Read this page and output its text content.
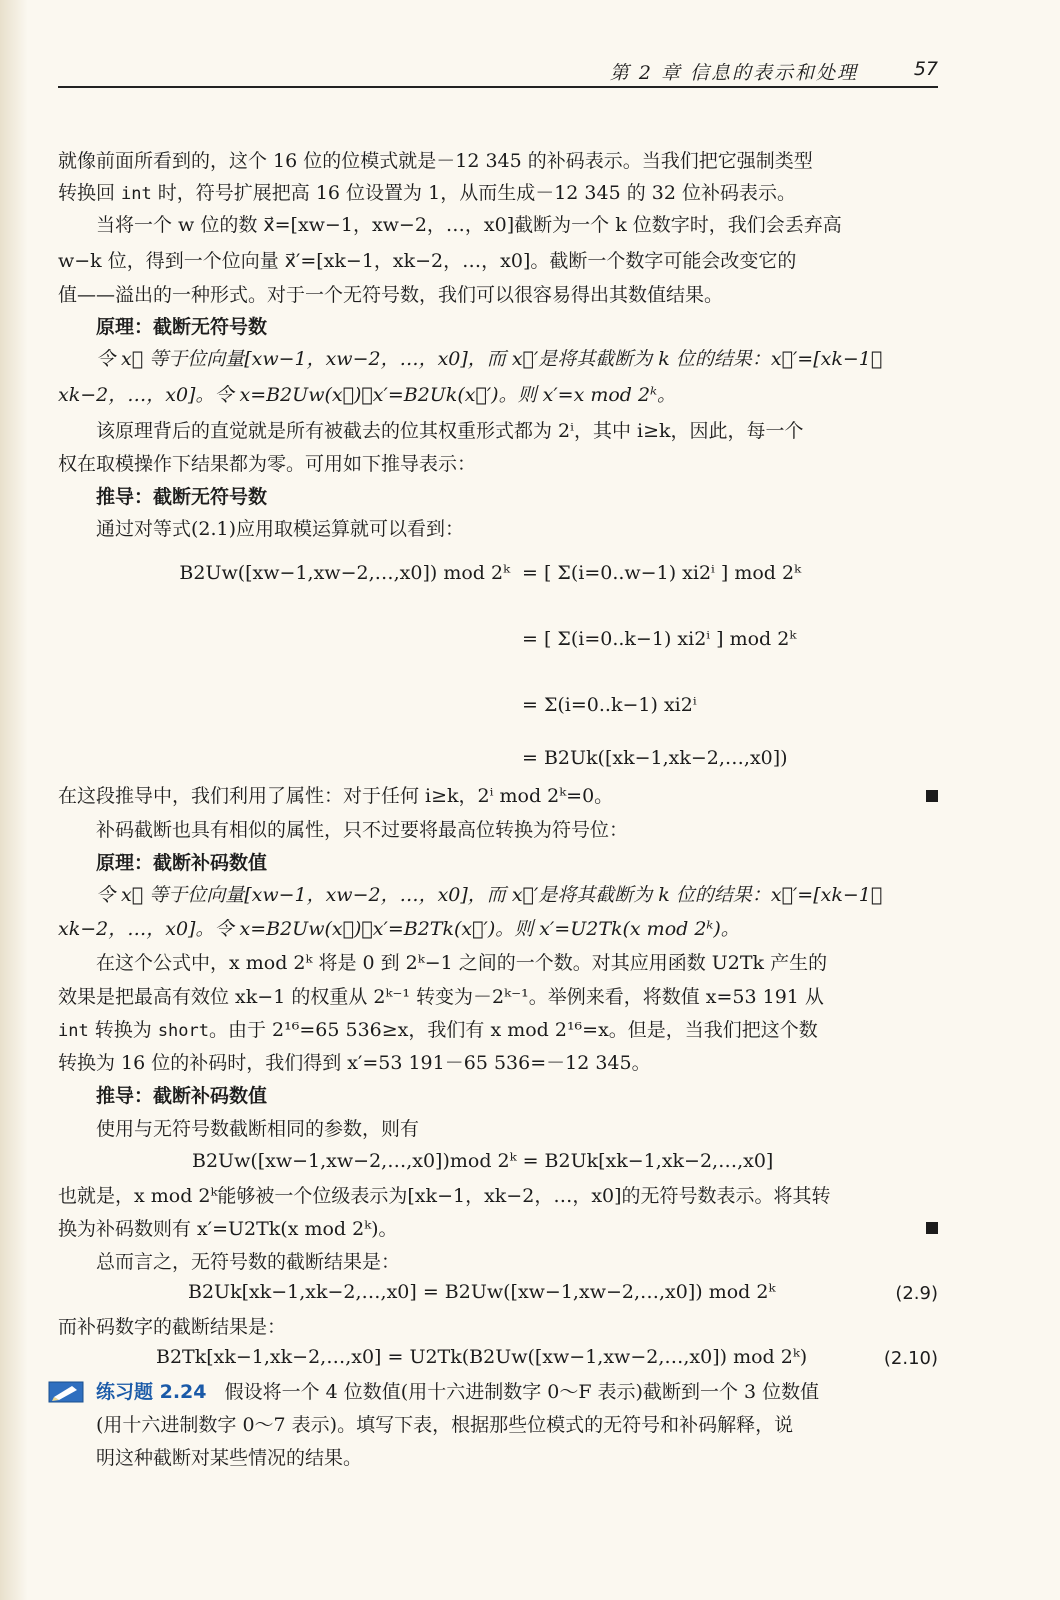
第 2 章 信息的表示和处理	57
就像前面所看到的，这个 16 位的位模式就是－12 345 的补码表示。当我们把它强制类型
转换回 int 时，符号扩展把高 16 位设置为 1，从而生成－12 345 的 32 位补码表示。
当将一个 w 位的数 x⃗=[xw−1，xw−2，…，x0]截断为一个 k 位数字时，我们会丢弃高
w−k 位，得到一个位向量 x⃗′=[xk−1，xk−2，…，x0]。截断一个数字可能会改变它的
值——溢出的一种形式。对于一个无符号数，我们可以很容易得出其数值结果。
原理：截断无符号数
令 x⃗ 等于位向量[xw−1，xw−2，…，x0]，而 x⃗′是将其截断为 k 位的结果：x⃗′=[xk−1，
xk−2，…，x0]。令 x=B2Uw(x⃗)，x′=B2Uk(x⃗′)。则 x′=x mod 2ᵏ。
该原理背后的直觉就是所有被截去的位其权重形式都为 2ⁱ，其中 i≥k，因此，每一个
权在取模操作下结果都为零。可用如下推导表示：
推导：截断无符号数
通过对等式(2.1)应用取模运算就可以看到：
B2Uw([xw−1,xw−2,…,x0]) mod 2ᵏ = [ Σ(i=0..w−1) xi2ⁱ ] mod 2ᵏ
= [ Σ(i=0..k−1) xi2ⁱ ] mod 2ᵏ
= Σ(i=0..k−1) xi2ⁱ
= B2Uk([xk−1,xk−2,…,x0])
在这段推导中，我们利用了属性：对于任何 i≥k，2ⁱ mod 2ᵏ=0。
补码截断也具有相似的属性，只不过要将最高位转换为符号位：
原理：截断补码数值
令 x⃗ 等于位向量[xw−1，xw−2，…，x0]，而 x⃗′是将其截断为 k 位的结果：x⃗′=[xk−1，
xk−2，…，x0]。令 x=B2Uw(x⃗)，x′=B2Tk(x⃗′)。则 x′=U2Tk(x mod 2ᵏ)。
在这个公式中，x mod 2ᵏ 将是 0 到 2ᵏ−1 之间的一个数。对其应用函数 U2Tk 产生的
效果是把最高有效位 xk−1 的权重从 2ᵏ⁻¹ 转变为－2ᵏ⁻¹。举例来看，将数值 x=53 191 从
int 转换为 short。由于 2¹⁶=65 536≥x，我们有 x mod 2¹⁶=x。但是，当我们把这个数
转换为 16 位的补码时，我们得到 x′=53 191－65 536=－12 345。
推导：截断补码数值
使用与无符号数截断相同的参数，则有
B2Uw([xw−1,xw−2,…,x0])mod 2ᵏ = B2Uk[xk−1,xk−2,…,x0]
也就是，x mod 2ᵏ能够被一个位级表示为[xk−1，xk−2，…，x0]的无符号数表示。将其转
换为补码数则有 x′=U2Tk(x mod 2ᵏ)。
总而言之，无符号数的截断结果是：
B2Uk[xk−1,xk−2,…,x0] = B2Uw([xw−1,xw−2,…,x0]) mod 2ᵏ	(2.9)
而补码数字的截断结果是：
B2Tk[xk−1,xk−2,…,x0] = U2Tk(B2Uw([xw−1,xw−2,…,x0]) mod 2ᵏ)	(2.10)
练习题 2.24 假设将一个 4 位数值(用十六进制数字 0～F 表示)截断到一个 3 位数值
(用十六进制数字 0～7 表示)。填写下表，根据那些位模式的无符号和补码解释，说
明这种截断对某些情况的结果。
